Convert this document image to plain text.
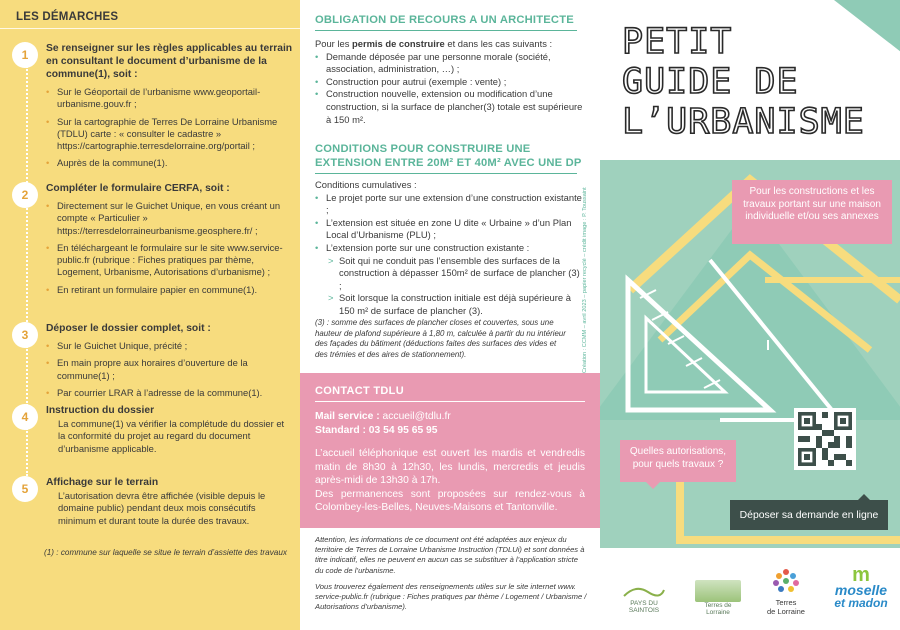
LES DÉMARCHES
1	Se renseigner sur les règles applicables au terrain en consultant le document d’urbanisme de la commune(1), soit :
• Sur le Géoportail de l’urbanisme www.geoportail-urbanisme.gouv.fr ;
• Sur la cartographie de Terres De Lorraine Urbanisme (TDLU) carte : « consulter le cadastre » https://cartographie.terresdelorraine.org/portail ;
• Auprès de la commune(1).
2	Compléter le formulaire CERFA, soit :
• Directement sur le Guichet Unique, en vous créant un compte « Particulier » https://terresdelorraineurbanisme.geosphere.fr/ ;
• En téléchargeant le formulaire sur le site www.service-public.fr (rubrique : Fiches pratiques par thème, Logement, Urbanisme, Autorisations d’urbanisme) ;
• En retirant un formulaire papier en commune(1).
3	Déposer le dossier complet, soit :
• Sur le Guichet Unique, précité ;
• En main propre aux horaires d’ouverture de la commune(1) ;
• Par courrier LRAR à l’adresse de la commune(1).
4	Instruction du dossier
La commune(1) va vérifier la complétude du dossier et la conformité du projet au regard du document d’urbanisme applicable.
5	Affichage sur le terrain
L’autorisation devra être affichée (visible depuis le domaine public) pendant deux mois consécutifs minimum et durant toute la durée des travaux.
(1) : commune sur laquelle se situe le terrain d’assiette des travaux
OBLIGATION DE RECOURS A UN ARCHITECTE
Pour les permis de construire et dans les cas suivants :
• Demande déposée par une personne morale (société, association, administration, …) ;
• Construction pour autrui (exemple : vente) ;
• Construction nouvelle, extension ou modification d’une construction, si la surface de plancher(3) totale est supérieure à 150 m².
CONDITIONS POUR CONSTRUIRE UNE EXTENSION ENTRE 20M² ET 40M² AVEC UNE DP
Conditions cumulatives :
• Le projet porte sur une extension d’une construction existante ;
• L’extension est située en zone U dite « Urbaine » d’un Plan Local d’Urbanisme (PLU) ;
• L’extension porte sur une construction existante :
> Soit qui ne conduit pas l’ensemble des surfaces de la construction à dépasser 150m² de surface de plancher (3) ;
> Soit lorsque la construction initiale est déjà supérieure à 150 m² de surface de plancher (3).
(3) : somme des surfaces de plancher closes et couvertes, sous une hauteur de plafond supérieure à 1,80 m, calculée à partir du nu intérieur des façades du bâtiment (déductions faites des surfaces des vides et des trémies et des aires de stationnement).	Création : CCMM – avril 2023 – papier recyclé – crédit image : P. Toussaint
CONTACT TDLU
Mail service : accueil@tdlu.fr
Standard : 03 54 95 65 95
L’accueil téléphonique est ouvert les mardis et vendredis matin de 8h30 à 12h30, les lundis, mercredis et jeudis après-midi de 13h30 à 17h.
Des permanences sont proposées sur rendez-vous à Colombey-les-Belles, Neuves-Maisons et Tantonville.
Attention, les informations de ce document ont été adaptées aux enjeux du territoire de Terres de Lorraine Urbanisme Instruction (TDLUi) et sont données à titre indicatif, elles ne peuvent en aucun cas se substituer à l’application stricte du code de l’urbanisme.
Vous trouverez également des renseignements utiles sur le site internet www. service-public.fr (rubrique : Fiches pratiques par thème / Logement / Urbanisme / Autorisations d’urbanisme).
PETIT
GUIDE DE
L’URBANISME
Pour les constructions et les travaux portant sur une maison individuelle et/ou ses annexes
Quelles autorisations, pour quels travaux ?
Déposer sa demande en ligne
PAYS DU SAINTOIS
Terres de Lorraine
Terres
de Lorraine
m
moselle
et madon
